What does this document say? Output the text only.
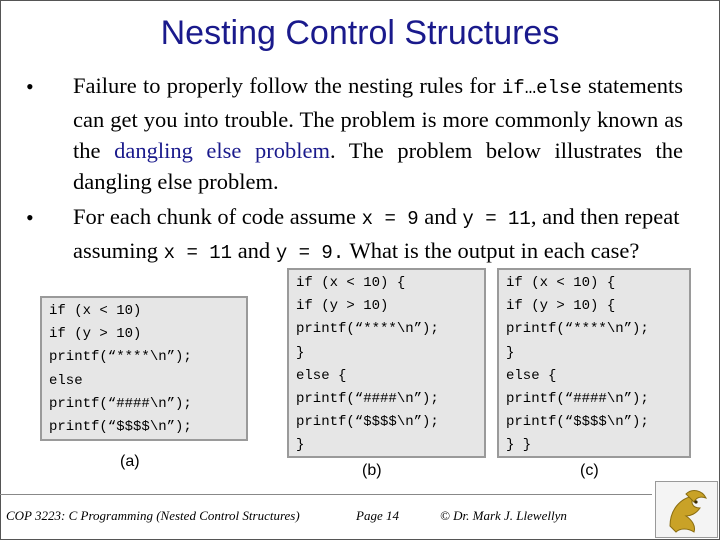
Nesting Control Structures
• Failure to properly follow the nesting rules for if…else statements can get you into trouble. The problem is more commonly known as the dangling else problem. The problem below illustrates the dangling else problem.
• For each chunk of code assume x = 9 and y = 11, and then repeat assuming x = 11 and y = 9. What is the output in each case?
if (x < 10)
if (y > 10)
printf(“****\n”);
else
printf(“####\n”);
printf(“$$$$\n”);
if (x < 10) {
if (y > 10)
printf(“****\n”);
}
else {
printf(“####\n”);
printf(“$$$$\n”);
}
if (x < 10) {
if (y > 10) {
printf(“****\n”);
}
else {
printf(“####\n”);
printf(“$$$$\n”);
} }
(a)
(b)	(c)
COP 3223: C Programming (Nested Control Structures)	Page 14	© Dr. Mark J. Llewellyn
